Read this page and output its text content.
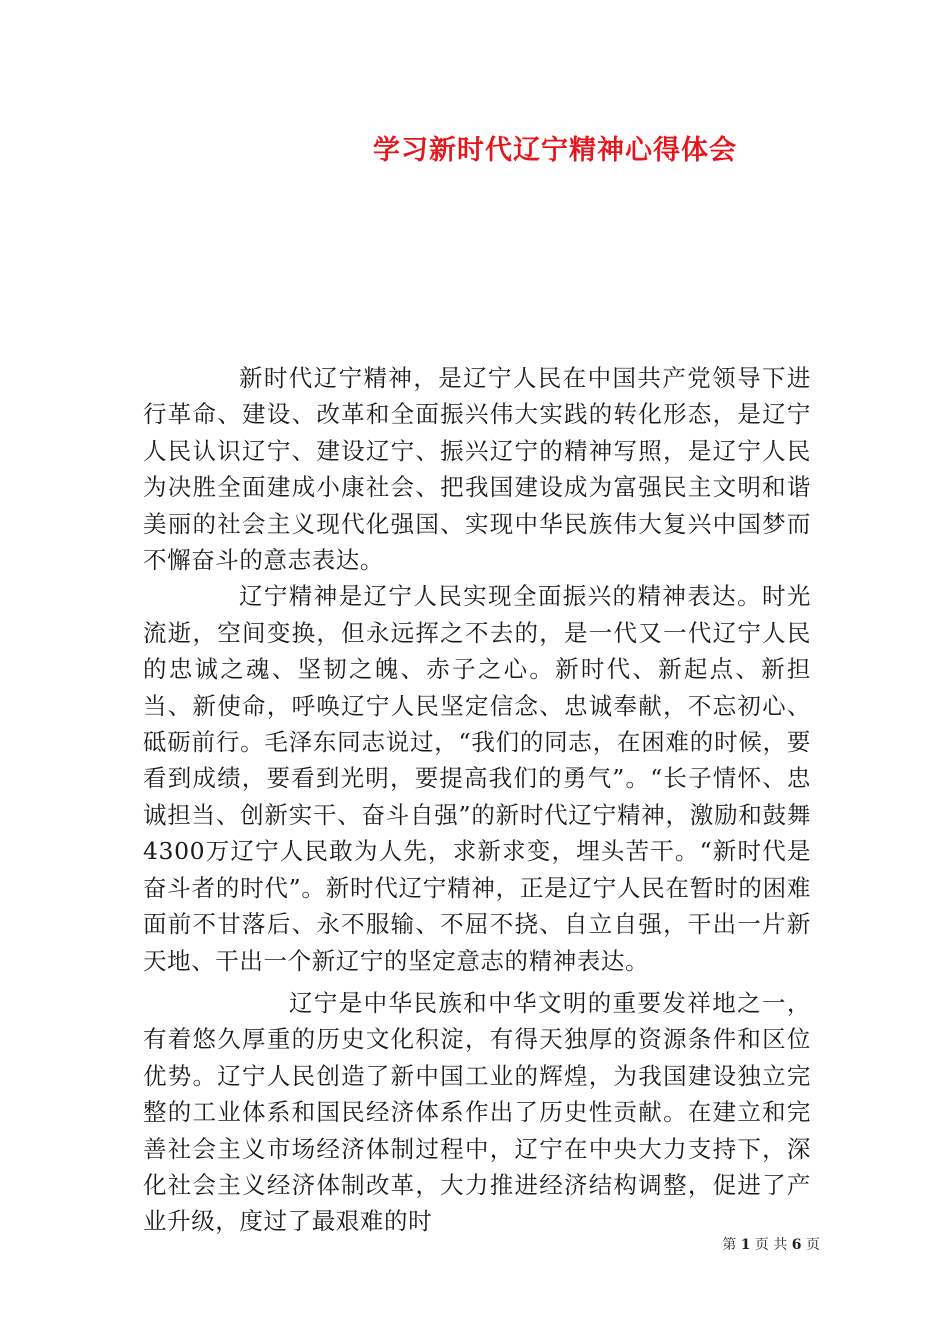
学习新时代辽宁精神心得体会

新时代辽宁精神，是辽宁人民在中国共产党领导下进行革命、建设、改革和全面振兴伟大实践的转化形态，是辽宁人民认识辽宁、建设辽宁、振兴辽宁的精神写照，是辽宁人民为决胜全面建成小康社会、把我国建设成为富强民主文明和谐美丽的社会主义现代化强国、实现中华民族伟大复兴中国梦而不懈奋斗的意志表达。

辽宁精神是辽宁人民实现全面振兴的精神表达。时光流逝，空间变换，但永远挥之不去的，是一代又一代辽宁人民的忠诚之魂、坚韧之魄、赤子之心。新时代、新起点、新担当、新使命，呼唤辽宁人民坚定信念、忠诚奉献，不忘初心、砥砺前行。毛泽东同志说过，“我们的同志，在困难的时候，要看到成绩，要看到光明，要提高我们的勇气”。“长子情怀、忠诚担当、创新实干、奋斗自强”的新时代辽宁精神，激励和鼓舞4300万辽宁人民敢为人先，求新求变，埋头苦干。“新时代是奋斗者的时代”。新时代辽宁精神，正是辽宁人民在暂时的困难面前不甘落后、永不服输、不屈不挠、自立自强，干出一片新天地、干出一个新辽宁的坚定意志的精神表达。

辽宁是中华民族和中华文明的重要发祥地之一，有着悠久厚重的历史文化积淀，有得天独厚的资源条件和区位优势。辽宁人民创造了新中国工业的辉煌，为我国建设独立完整的工业体系和国民经济体系作出了历史性贡献。在建立和完善社会主义市场经济体制过程中，辽宁在中央大力支持下，深化社会主义经济体制改革，大力推进经济结构调整，促进了产业升级，度过了最艰难的时

第 1 页 共 6 页
